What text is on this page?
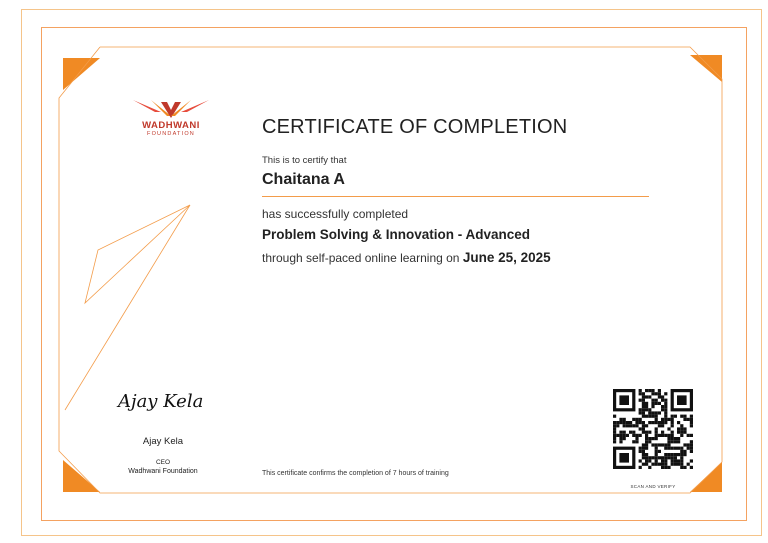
WADHWANI
FOUNDATION	CERTIFICATE OF COMPLETION
This is to certify that
Chaitana A
has successfully completed
Problem Solving & Innovation - Advanced
through self-paced online learning on June 25, 2025
Ajay Kela
Ajay Kela
CEO
Wadhwani Foundation	This certificate confirms the completion of 7 hours of training
SCAN AND VERIFY
